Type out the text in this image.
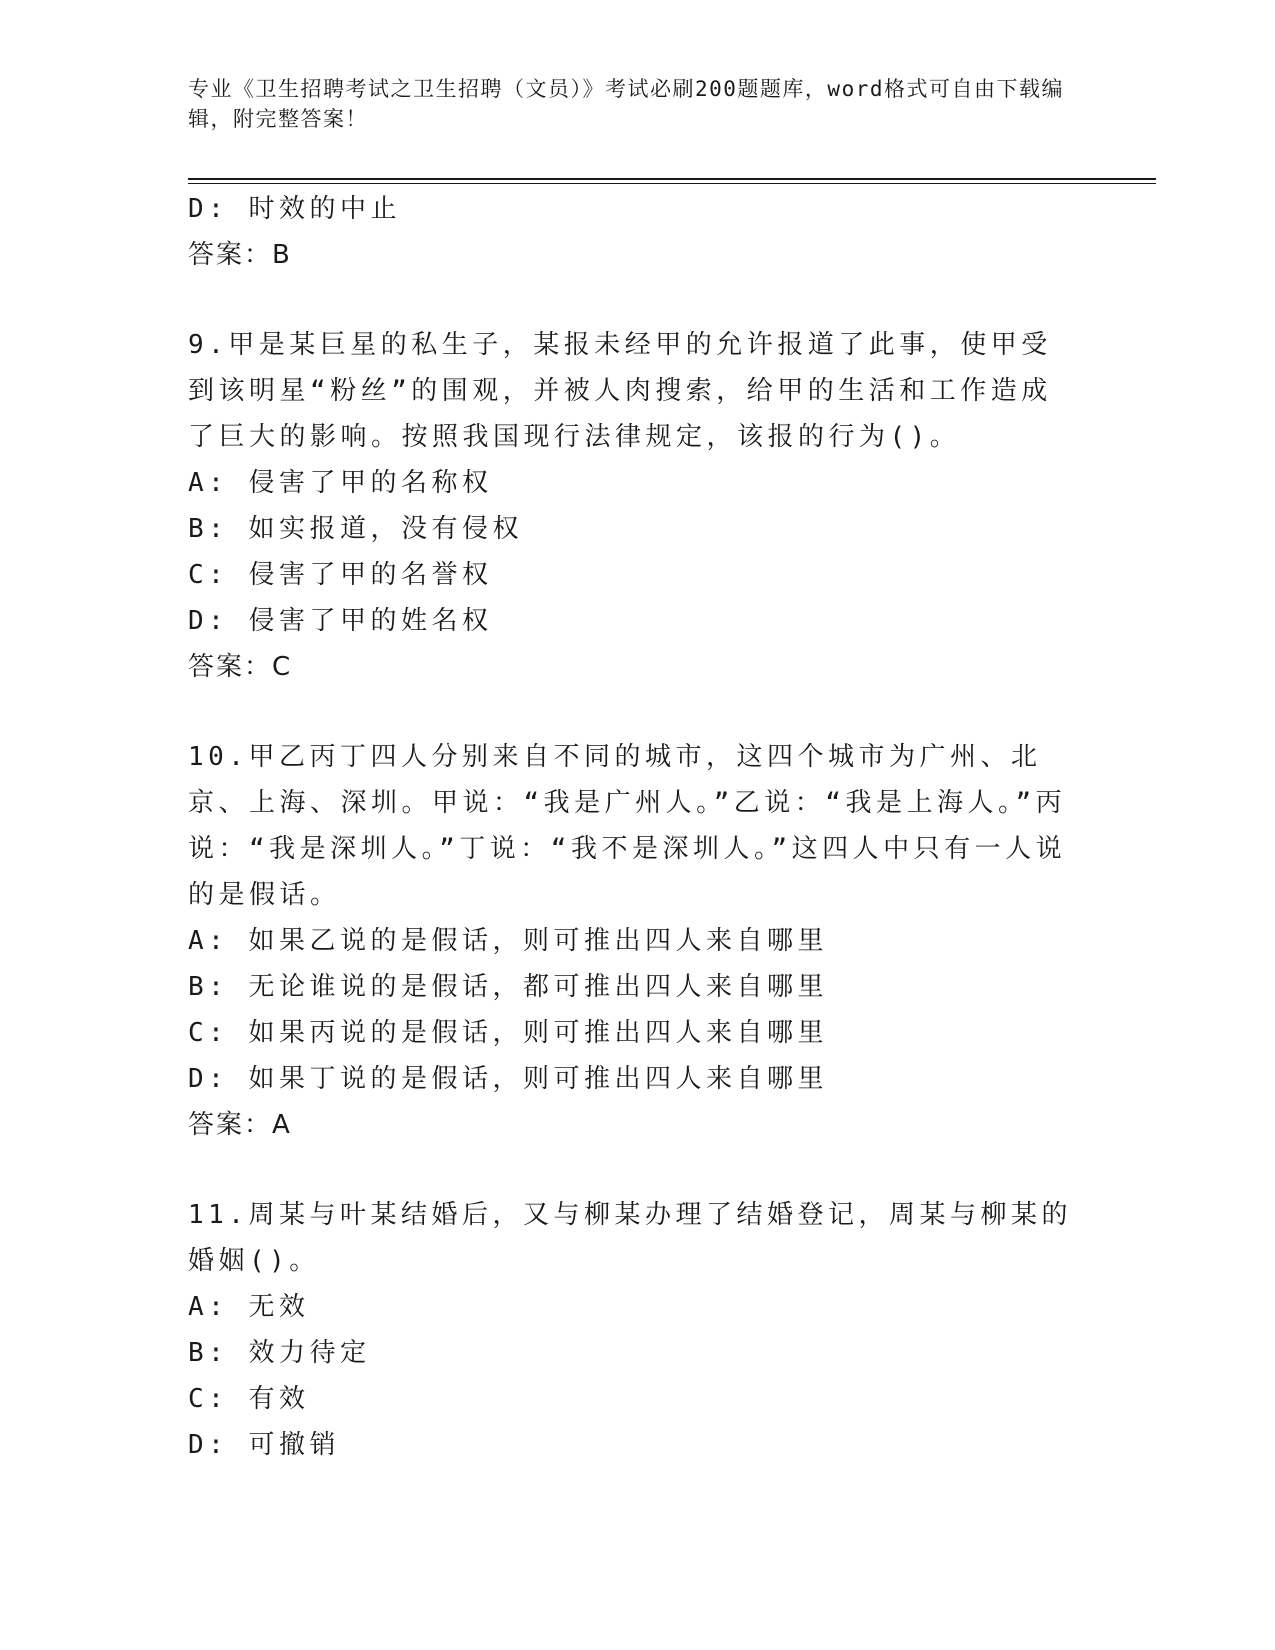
专业《卫生招聘考试之卫生招聘（文员）》考试必刷200题题库，word格式可自由下载编辑，附完整答案！
D: 时效的中止
答案：B
9.甲是某巨星的私生子，某报未经甲的允许报道了此事，使甲受到该明星“粉丝”的围观，并被人肉搜索，给甲的生活和工作造成了巨大的影响。按照我国现行法律规定，该报的行为()。
A: 侵害了甲的名称权
B: 如实报道，没有侵权
C: 侵害了甲的名誉权
D: 侵害了甲的姓名权
答案：C
10.甲乙丙丁四人分别来自不同的城市，这四个城市为广州、北京、上海、深圳。甲说：“我是广州人。”乙说：“我是上海人。”丙说：“我是深圳人。”丁说：“我不是深圳人。”这四人中只有一人说的是假话。
A: 如果乙说的是假话，则可推出四人来自哪里
B: 无论谁说的是假话，都可推出四人来自哪里
C: 如果丙说的是假话，则可推出四人来自哪里
D: 如果丁说的是假话，则可推出四人来自哪里
答案：A
11.周某与叶某结婚后，又与柳某办理了结婚登记，周某与柳某的婚姻()。
A: 无效
B: 效力待定
C: 有效
D: 可撤销
